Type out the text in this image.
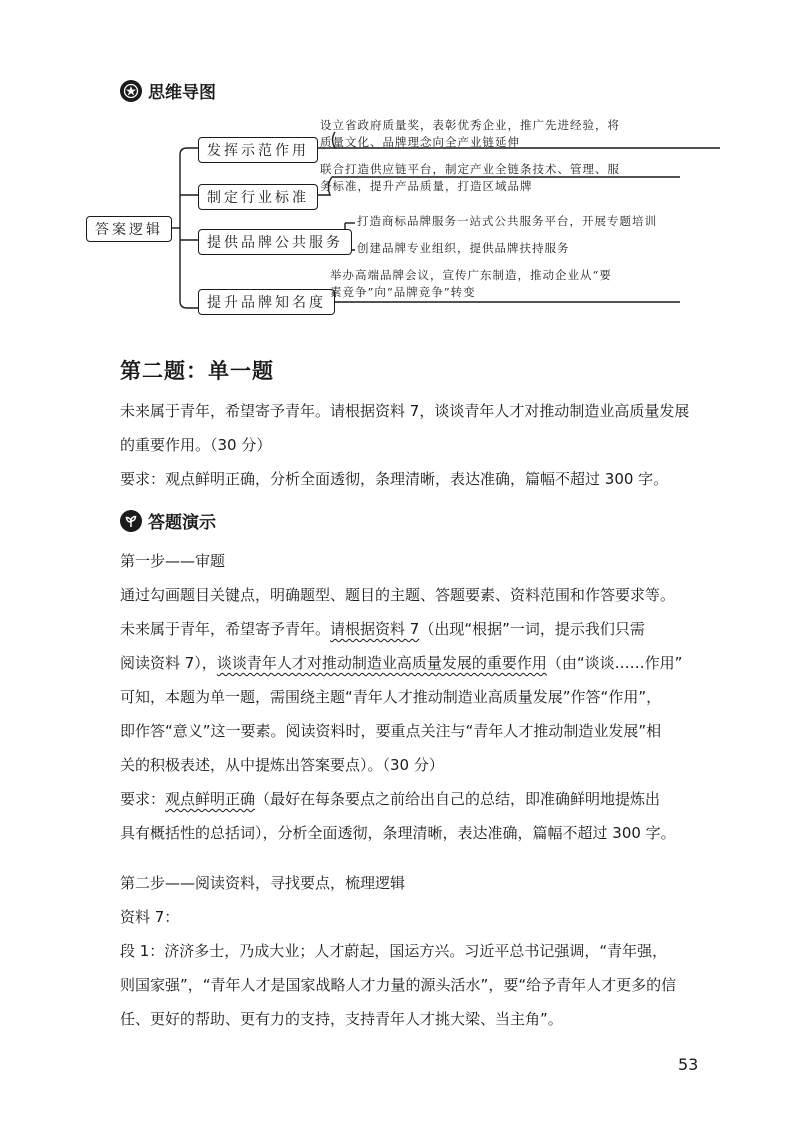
思维导图
答案逻辑
发挥示范作用
设立省政府质量奖，表彰优秀企业，推广先进经验，将
质量文化、品牌理念向全产业链延伸
制定行业标准
联合打造供应链平台，制定产业全链条技术、管理、服
务标准，提升产品质量，打造区域品牌
提供品牌公共服务
打造商标品牌服务一站式公共服务平台，开展专题培训
创建品牌专业组织，提供品牌扶持服务
提升品牌知名度
举办高端品牌会议，宣传广东制造，推动企业从“要
素竞争”向“品牌竞争”转变
第二题：单一题
未来属于青年，希望寄予青年。请根据资料 7，谈谈青年人才对推动制造业高质量发展
的重要作用。（30 分）
要求：观点鲜明正确，分析全面透彻，条理清晰，表达准确，篇幅不超过 300 字。
答题演示
第一步——审题
通过勾画题目关键点，明确题型、题目的主题、答题要素、资料范围和作答要求等。
未来属于青年，希望寄予青年。请根据资料 7（出现“根据”一词，提示我们只需
阅读资料 7），谈谈青年人才对推动制造业高质量发展的重要作用（由“谈谈……作用”
可知，本题为单一题，需围绕主题“青年人才推动制造业高质量发展”作答“作用”，
即作答“意义”这一要素。阅读资料时，要重点关注与“青年人才推动制造业发展”相
关的积极表述，从中提炼出答案要点）。（30 分）
要求：观点鲜明正确（最好在每条要点之前给出自己的总结，即准确鲜明地提炼出
具有概括性的总括词），分析全面透彻，条理清晰，表达准确，篇幅不超过 300 字。
第二步——阅读资料，寻找要点，梳理逻辑
资料 7：
段 1：济济多士，乃成大业；人才蔚起，国运方兴。习近平总书记强调，“青年强，
则国家强”，“青年人才是国家战略人才力量的源头活水”，要“给予青年人才更多的信
任、更好的帮助、更有力的支持，支持青年人才挑大梁、当主角”。
53
